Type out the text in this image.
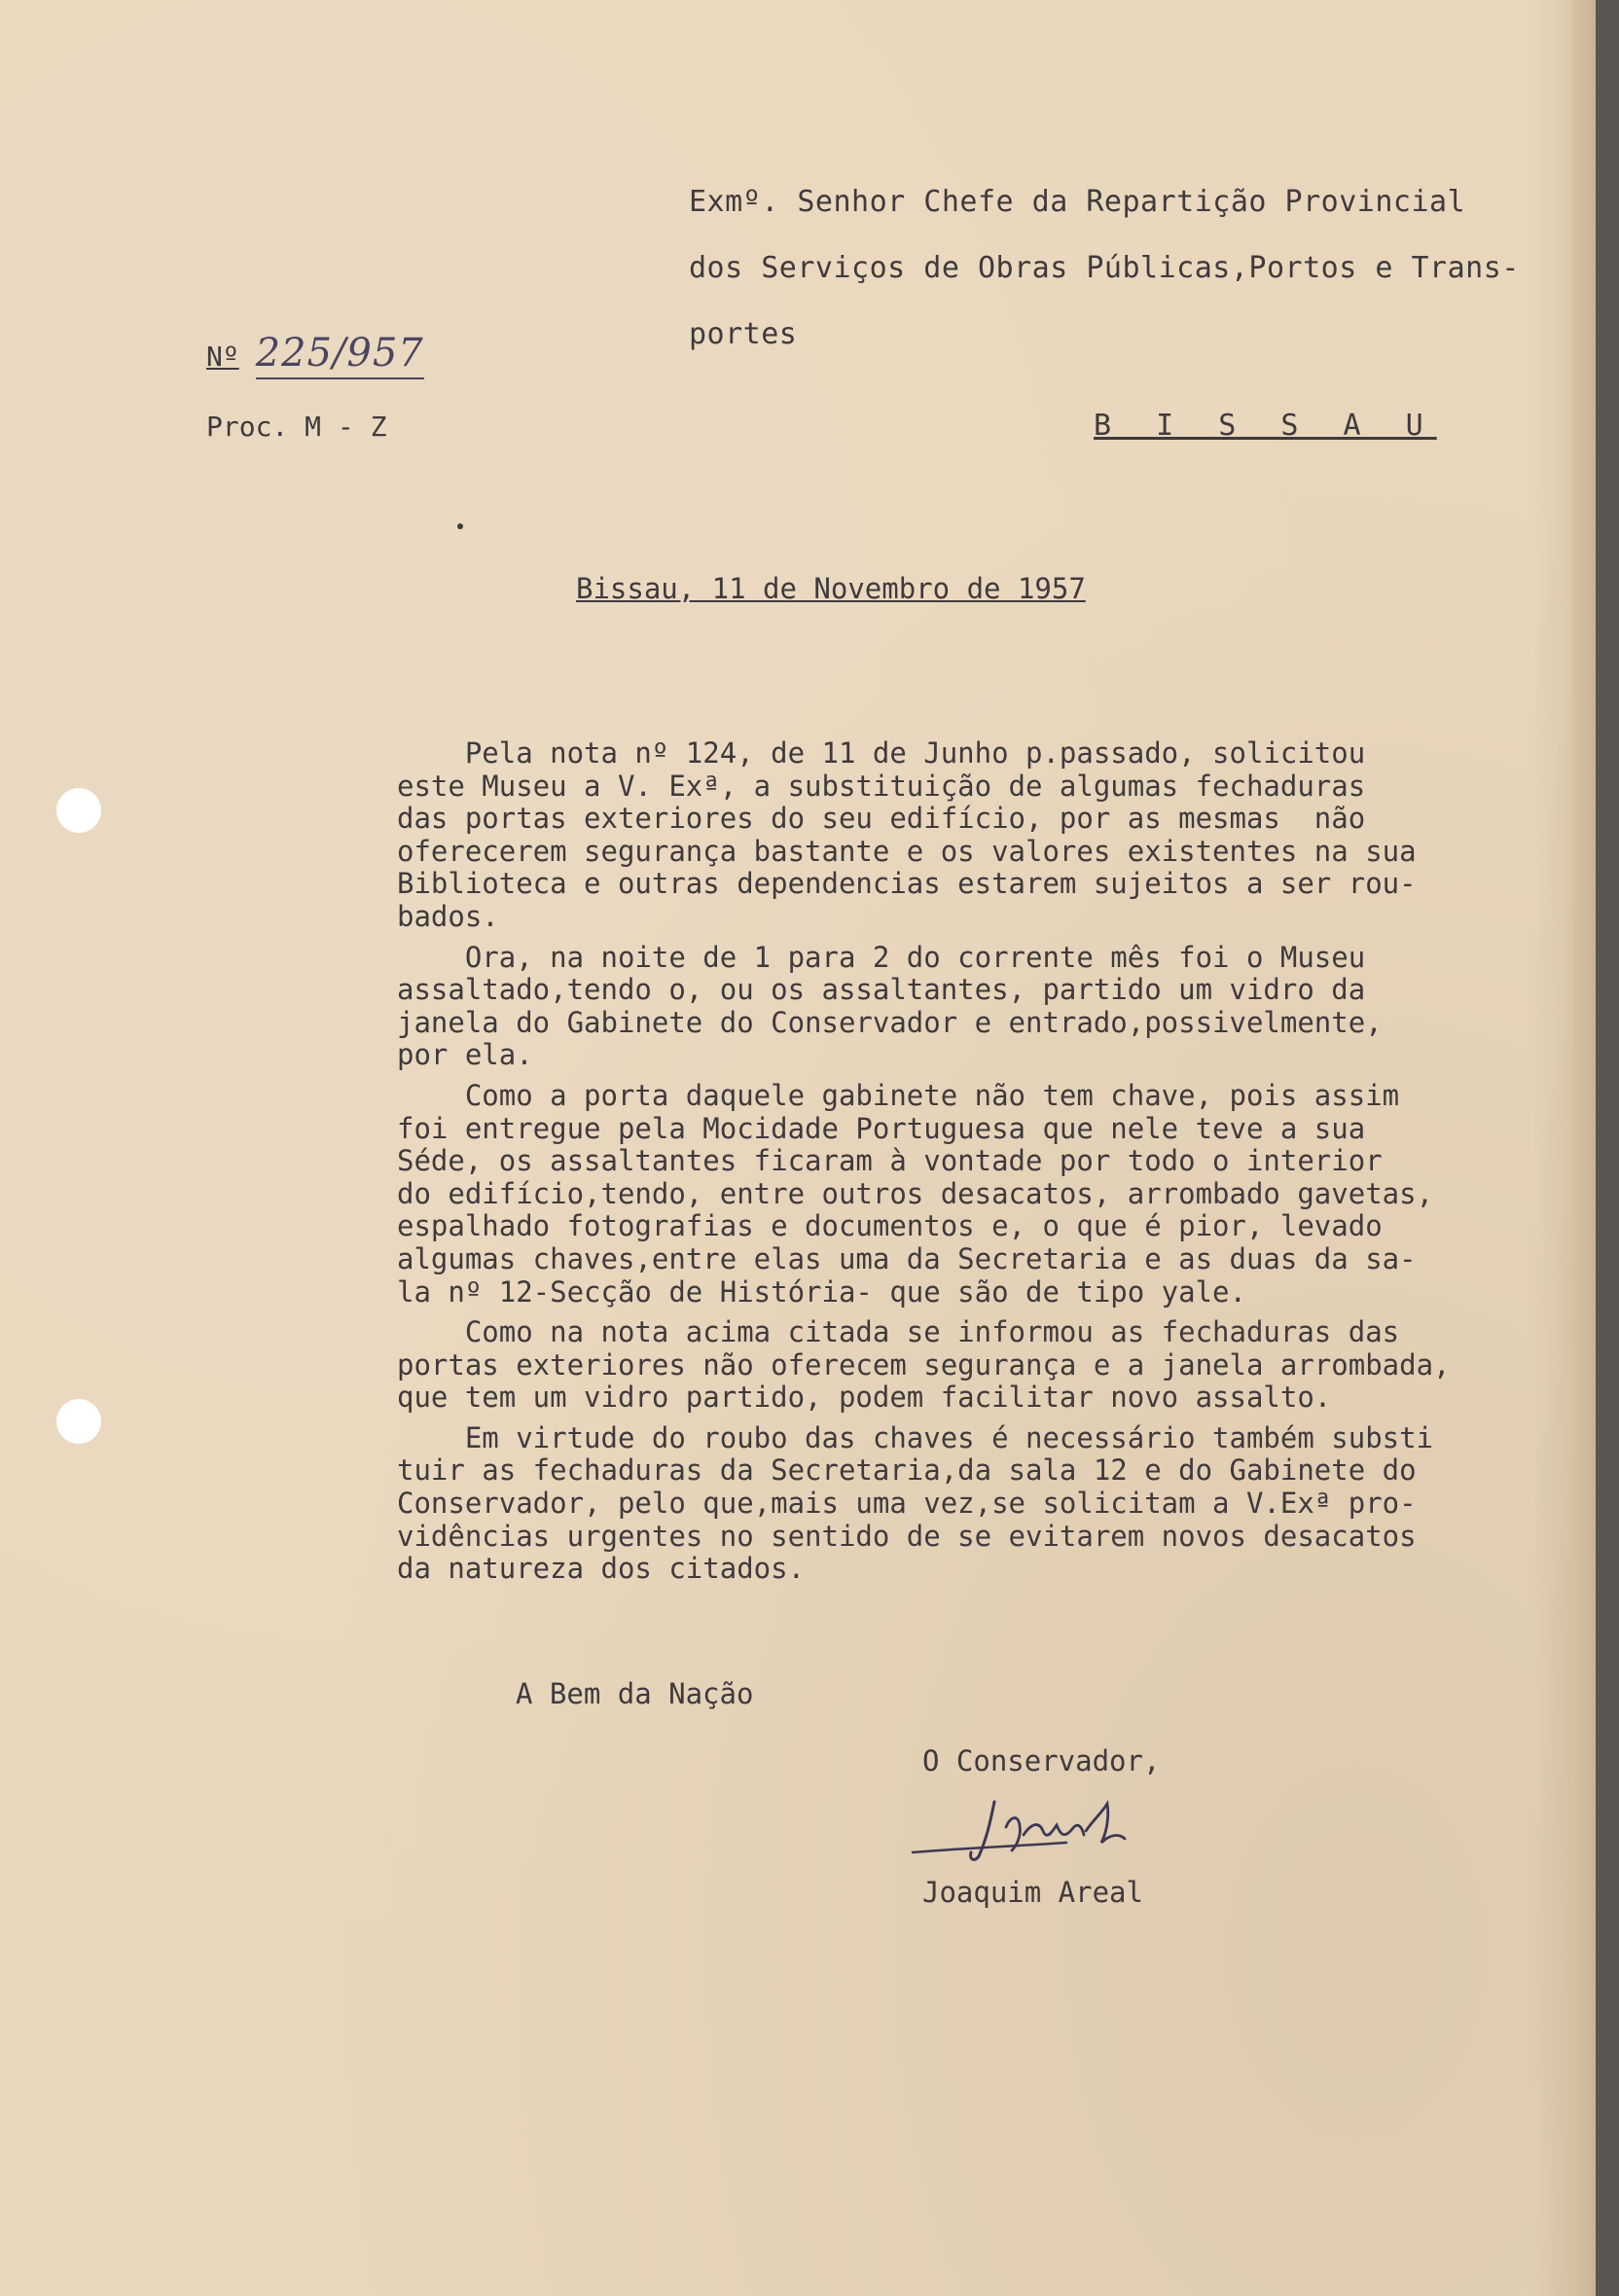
Exmº. Senhor Chefe da Repartição Provincial
dos Serviços de Obras Públicas,Portos e Trans-
portes
Nº 225/957
Proc. M - Z	B I S S A U
Bissau, 11 de Novembro de 1957
Pela nota nº 124, de 11 de Junho p.passado, solicitou
este Museu a V. Exª, a substituição de algumas fechaduras
das portas exteriores do seu edifício, por as mesmas  não
oferecerem segurança bastante e os valores existentes na sua
Biblioteca e outras dependencias estarem sujeitos a ser rou-
bados.
Ora, na noite de 1 para 2 do corrente mês foi o Museu
assaltado,tendo o, ou os assaltantes, partido um vidro da
janela do Gabinete do Conservador e entrado,possivelmente,
por ela.
Como a porta daquele gabinete não tem chave, pois assim
foi entregue pela Mocidade Portuguesa que nele teve a sua
Séde, os assaltantes ficaram à vontade por todo o interior
do edifício,tendo, entre outros desacatos, arrombado gavetas,
espalhado fotografias e documentos e, o que é pior, levado
algumas chaves,entre elas uma da Secretaria e as duas da sa-
la nº 12-Secção de História- que são de tipo yale.
Como na nota acima citada se informou as fechaduras das
portas exteriores não oferecem segurança e a janela arrombada,
que tem um vidro partido, podem facilitar novo assalto.
Em virtude do roubo das chaves é necessário também substi
tuir as fechaduras da Secretaria,da sala 12 e do Gabinete do
Conservador, pelo que,mais uma vez,se solicitam a V.Exª pro-
vidências urgentes no sentido de se evitarem novos desacatos
da natureza dos citados.
A Bem da Nação
O Conservador,
Joaquim Areal
